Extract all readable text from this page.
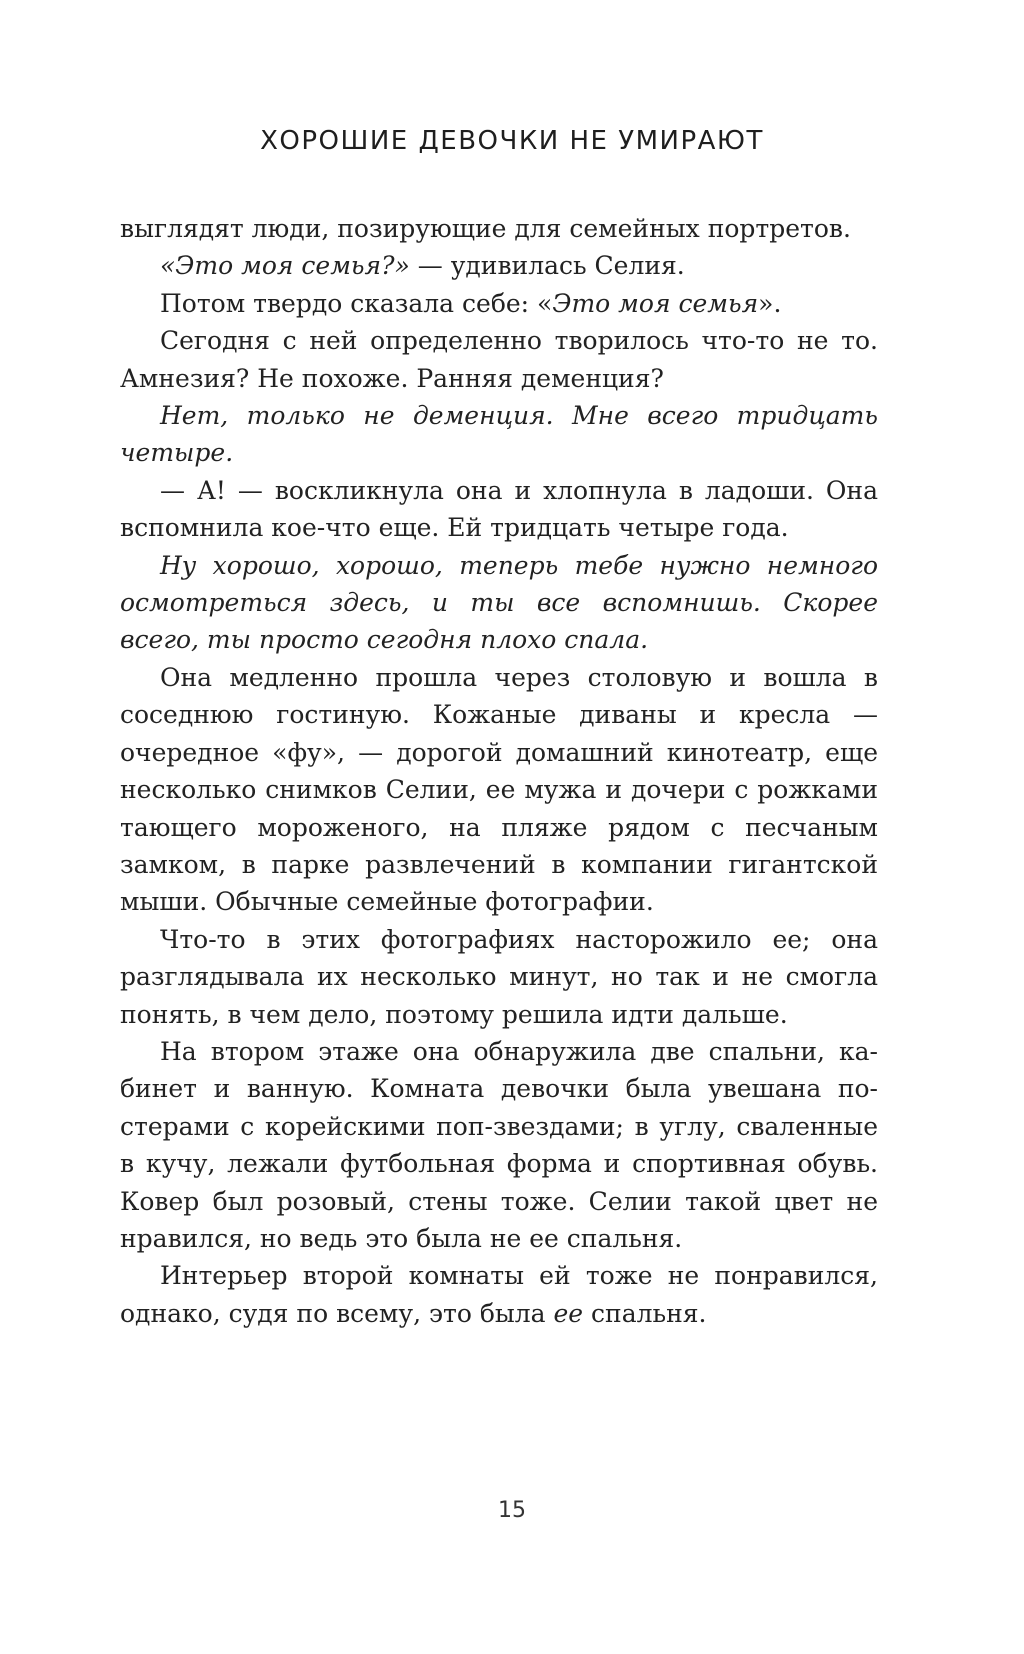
ХОРОШИЕ ДЕВОЧКИ НЕ УМИРАЮТ

выглядят люди, позирующие для семейных портретов.

«Это моя семья?» — удивилась Селия.

Потом твердо сказала себе: «Это моя семья».

Сегодня с ней определенно творилось что-то не то. Амнезия? Не похоже. Ранняя деменция?

Нет, только не деменция. Мне всего тридцать четыре.

— А! — воскликнула она и хлопнула в ладоши. Она вспомнила кое-что еще. Ей тридцать четыре года.

Ну хорошо, хорошо, теперь тебе нужно немного осмотреться здесь, и ты все вспомнишь. Скорее всего, ты просто сегодня плохо спала.

Она медленно прошла через столовую и вошла в соседнюю гостиную. Кожаные диваны и кресла — очередное «фу», — дорогой домашний кинотеатр, еще несколько снимков Селии, ее мужа и дочери с рожками тающего мороженого, на пляже рядом с песчаным замком, в парке развлечений в компании гигантской мыши. Обычные семейные фотографии.

Что-то в этих фотографиях насторожило ее; она разглядывала их несколько минут, но так и не смогла понять, в чем дело, поэтому решила идти дальше.

На втором этаже она обнаружила две спальни, кабинет и ванную. Комната девочки была увешана постерами с корейскими поп-звездами; в углу, сваленные в кучу, лежали футбольная форма и спортивная обувь. Ковер был розовый, стены тоже. Селии такой цвет не нравился, но ведь это была не ее спальня.

Интерьер второй комнаты ей тоже не понравился, однако, судя по всему, это была ее спальня.

15
